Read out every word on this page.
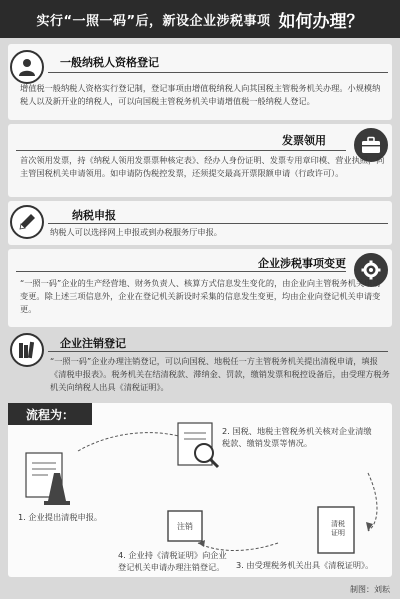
实行“一照一码”后，新设企业涉税事项 如何办理？
一般纳税人资格登记
增值税一般纳税人资格实行登记制，登记事项由增值税纳税人向其国税主管税务机关办理。小规模纳税人以及新开业的纳税人，可以向国税主管税务机关申请增值税一般纳税人登记。
发票领用
首次领用发票，持《纳税人领用发票票种核定表》、经办人身份证明、发票专用章印模、营业执照，向主管国税机关申请领用。如申请防伪税控发票，还须提交最高开票限额申请（行政许可）。
纳税申报
纳税人可以选择网上申报或到办税服务厅申报。
企业涉税事项变更
“一照一码”企业的生产经营地、财务负责人、核算方式信息发生变化的，由企业向主管税务机关申请变更。除上述三项信息外，企业在登记机关新设时采集的信息发生变更，均由企业向登记机关申请变更。
企业注销登记
“一照一码”企业办理注销登记，可以向国税、地税任一方主管税务机关提出清税申请，填报《清税申报表》。税务机关在结清税款、滞纳金、罚款，缴销发票和税控设备后，由受理方税务机关向纳税人出具《清税证明》。
流程为：
清税证明
注销
1. 企业提出清税申报。
2. 国税、地税主管税务机关核对企业清缴税款、缴销发票等情况。
3. 由受理税务机关出具《清税证明》。
4. 企业持《清税证明》向企业登记机关申请办理注销登记。
制图：刘耘
